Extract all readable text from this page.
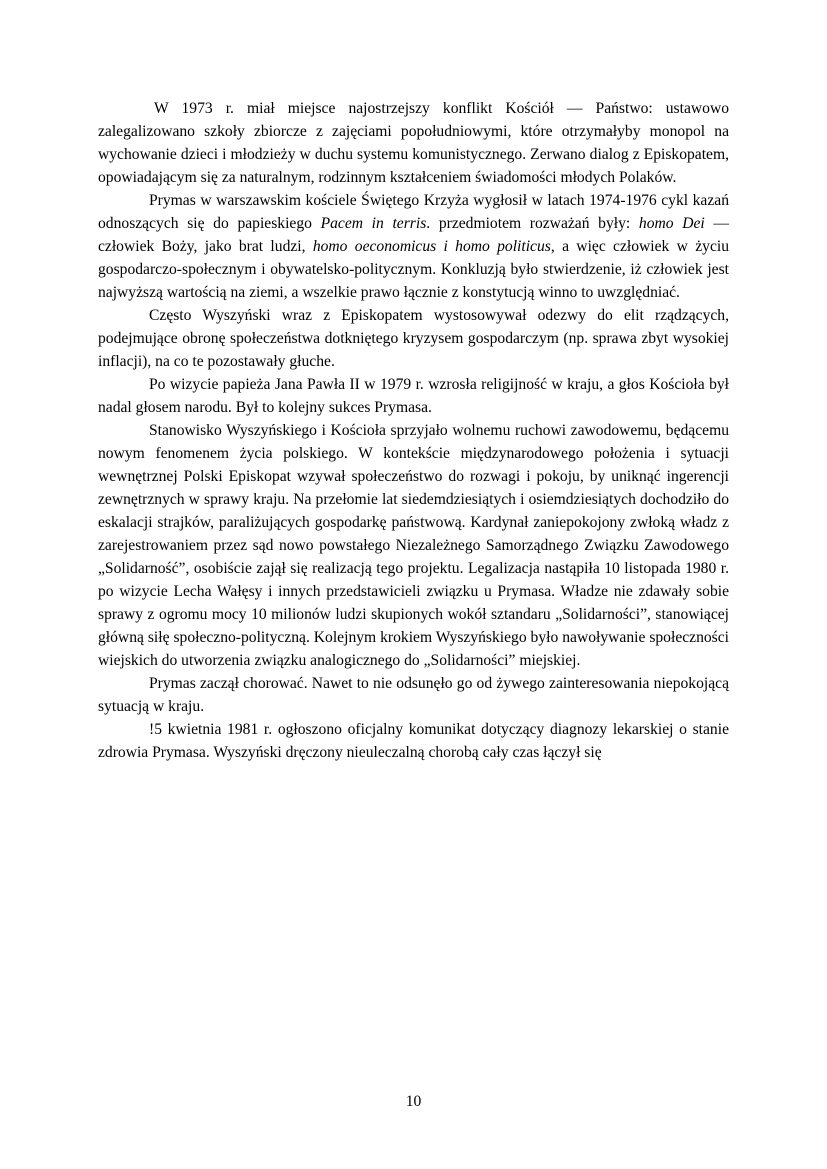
W 1973 r. miał miejsce najostrzejszy konflikt Kościół — Państwo: ustawowo zalegalizowano szkoły zbiorcze z zajęciami popołudniowymi, które otrzymałyby monopol na wychowanie dzieci i młodzieży w duchu systemu komunistycznego. Zerwano dialog z Episkopatem, opowiadającym się za naturalnym, rodzinnym kształceniem świadomości młodych Polaków.

Prymas w warszawskim kościele Świętego Krzyża wygłosił w latach 1974-1976 cykl kazań odnoszących się do papieskiego Pacem in terris. przedmiotem rozważań były: homo Dei — człowiek Boży, jako brat ludzi, homo oeconomicus i homo politicus, a więc człowiek w życiu gospodarczo-społecznym i obywatelsko-politycznym. Konkluzją było stwierdzenie, iż człowiek jest najwyższą wartością na ziemi, a wszelkie prawo łącznie z konstytucją winno to uwzględniać.

Często Wyszyński wraz z Episkopatem wystosowywał odezwy do elit rządzących, podejmujące obronę społeczeństwa dotkniętego kryzysem gospodarczym (np. sprawa zbyt wysokiej inflacji), na co te pozostawały głuche.

Po wizycie papieża Jana Pawła II w 1979 r. wzrosła religijność w kraju, a głos Kościoła był nadal głosem narodu. Był to kolejny sukces Prymasa.

Stanowisko Wyszyńskiego i Kościoła sprzyjało wolnemu ruchowi zawodowemu, będącemu nowym fenomenem życia polskiego. W kontekście międzynarodowego położenia i sytuacji wewnętrznej Polski Episkopat wzywał społeczeństwo do rozwagi i pokoju, by uniknąć ingerencji zewnętrznych w sprawy kraju. Na przełomie lat siedemdziesiątych i osiemdziesiątych dochodziło do eskalacji strajków, paraliżujących gospodarkę państwową. Kardynał zaniepokojony zwłoką władz z zarejestrowaniem przez sąd nowo powstałego Niezależnego Samorządnego Związku Zawodowego „Solidarność”, osobiście zajął się realizacją tego projektu. Legalizacja nastąpiła 10 listopada 1980 r. po wizycie Lecha Wałęsy i innych przedstawicieli związku u Prymasa. Władze nie zdawały sobie sprawy z ogromu mocy 10 milionów ludzi skupionych wokół sztandaru „Solidarności”, stanowiącej główną siłę społeczno-polityczną. Kolejnym krokiem Wyszyńskiego było nawoływanie społeczności wiejskich do utworzenia związku analogicznego do „Solidarności” miejskiej.

Prymas zaczął chorować. Nawet to nie odsunęło go od żywego zainteresowania niepokojącą sytuacją w kraju.

!5 kwietnia 1981 r. ogłoszono oficjalny komunikat dotyczący diagnozy lekarskiej o stanie zdrowia Prymasa. Wyszyński dręczony nieuleczalną chorobą cały czas łączył się

10
